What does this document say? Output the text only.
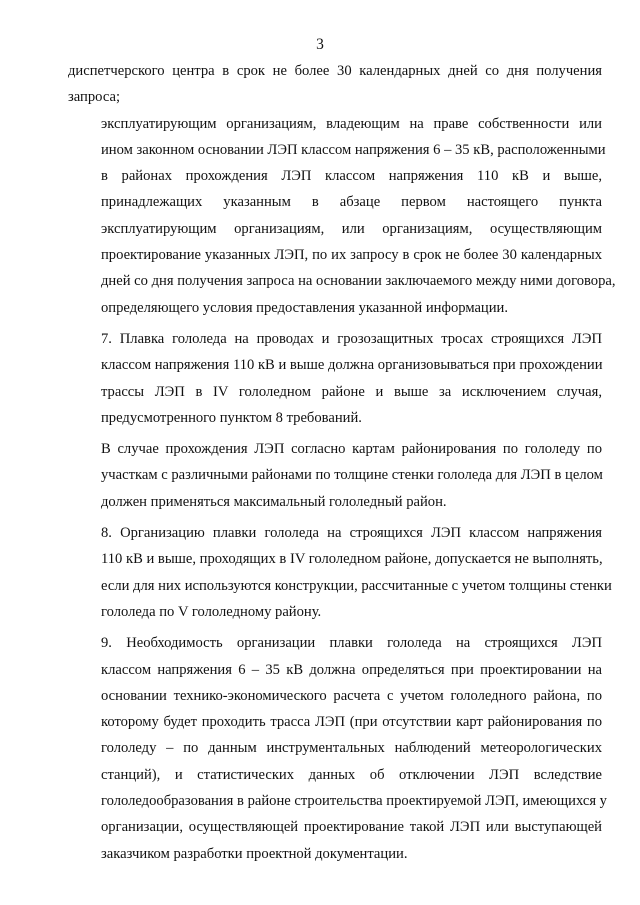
3

диспетчерского центра в срок не более 30 календарных дней со дня получения
запроса;

эксплуатирующим организациям, владеющим на праве собственности или
ином законном основании ЛЭП классом напряжения 6 – 35 кВ, расположенными
в районах прохождения ЛЭП классом напряжения 110 кВ и выше,
принадлежащих указанным в абзаце первом настоящего пункта
эксплуатирующим организациям, или организациям, осуществляющим
проектирование указанных ЛЭП, по их запросу в срок не более 30 календарных
дней со дня получения запроса на основании заключаемого между ними договора,
определяющего условия предоставления указанной информации.

7. Плавка гололеда на проводах и грозозащитных тросах строящихся ЛЭП
классом напряжения 110 кВ и выше должна организовываться при прохождении
трассы ЛЭП в IV гололедном районе и выше за исключением случая,
предусмотренного пунктом 8 требований.

В случае прохождения ЛЭП согласно картам районирования по гололеду по
участкам с различными районами по толщине стенки гололеда для ЛЭП в целом
должен применяться максимальный гололедный район.

8. Организацию плавки гололеда на строящихся ЛЭП классом напряжения
110 кВ и выше, проходящих в IV гололедном районе, допускается не выполнять,
если для них используются конструкции, рассчитанные с учетом толщины стенки
гололеда по V гололедному району.

9. Необходимость организации плавки гололеда на строящихся ЛЭП
классом напряжения 6 – 35 кВ должна определяться при проектировании на
основании технико-экономического расчета с учетом гололедного района, по
которому будет проходить трасса ЛЭП (при отсутствии карт районирования по
гололеду – по данным инструментальных наблюдений метеорологических
станций), и статистических данных об отключении ЛЭП вследствие
гололедообразования в районе строительства проектируемой ЛЭП, имеющихся у
организации, осуществляющей проектирование такой ЛЭП или выступающей
заказчиком разработки проектной документации.
